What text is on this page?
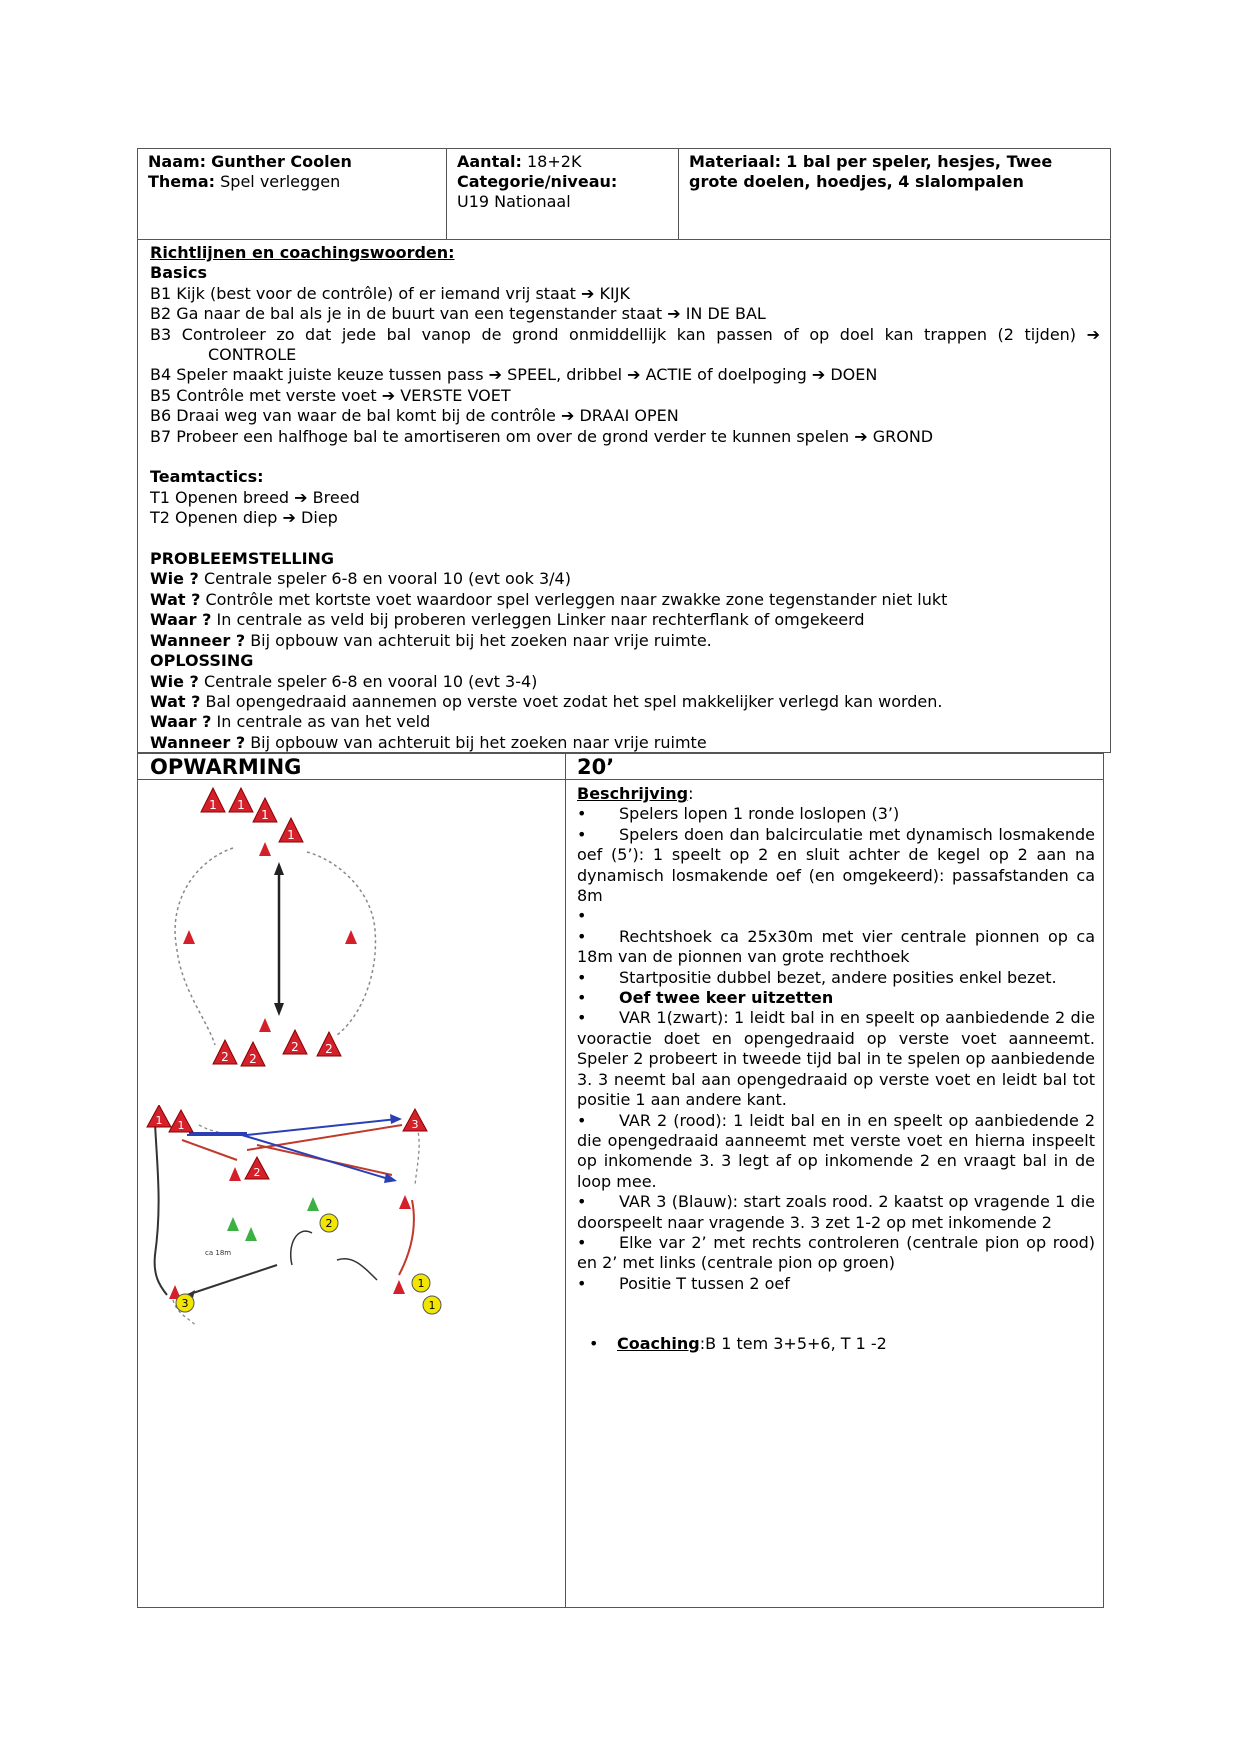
Naam: Gunther Coolen
Thema: Spel verleggen
Aantal: 18+2K
Categorie/niveau:
U19 Nationaal
Materiaal: 1 bal per speler, hesjes, Twee grote doelen, hoedjes, 4 slalompalen

Richtlijnen en coachingswoorden:

Basics

B1 Kijk (best voor de contrôle) of er iemand vrij staat ➔ KIJK

B2 Ga naar de bal als je in de buurt van een tegenstander staat ➔ IN DE BAL

B3 Controleer zo dat jede bal vanop de grond onmiddellijk kan passen of op doel kan trappen (2 tijden) ➔

CONTROLE

B4 Speler maakt juiste keuze tussen pass ➔ SPEEL, dribbel ➔ ACTIE of doelpoging ➔ DOEN

B5 Contrôle met verste voet ➔ VERSTE VOET

B6 Draai weg van waar de bal komt bij de contrôle ➔ DRAAI OPEN

B7 Probeer een halfhoge bal te amortiseren om over de grond verder te kunnen spelen ➔ GROND

Teamtactics:

T1 Openen breed ➔ Breed

T2 Openen diep ➔ Diep

PROBLEEMSTELLING

Wie ? Centrale speler 6-8 en vooral 10 (evt ook 3/4)

Wat ? Contrôle met kortste voet waardoor spel verleggen naar zwakke zone tegenstander niet lukt

Waar ? In centrale as veld bij proberen verleggen Linker naar rechterflank of omgekeerd

Wanneer ? Bij opbouw van achteruit bij het zoeken naar vrije ruimte.

OPLOSSING

Wie ? Centrale speler 6-8 en vooral 10 (evt 3-4)

Wat ? Bal opengedraaid aannemen op verste voet zodat het spel makkelijker verlegd kan worden.

Waar ? In centrale as van het veld

Wanneer ? Bij opbouw van achteruit bij het zoeken naar vrije ruimte

OPWARMING	20’

Beschrijving:

•	Spelers lopen 1 ronde loslopen (3’)
•	Spelers doen dan balcirculatie met dynamisch losmakende oef (5’): 1 speelt op 2 en sluit achter de kegel op 2 aan na dynamisch losmakende oef (en omgekeerd): passafstanden ca 8m
•
• Rechtshoek ca 25x30m met vier centrale pionnen op ca 18m van de pionnen van grote rechthoek
•	Startpositie dubbel bezet, andere posities enkel bezet.
•	Oef twee keer uitzetten
• VAR 1(zwart): 1 leidt bal in en speelt op aanbiedende 2 die vooractie doet en opengedraaid op verste voet aanneemt. Speler 2 probeert in tweede tijd bal in te spelen op aanbiedende 3. 3 neemt bal aan opengedraaid op verste voet en leidt bal tot positie 1 aan andere kant.
• VAR 2 (rood): 1 leidt bal en in en speelt op aanbiedende 2 die opengedraaid aanneemt met verste voet en hierna inspeelt op inkomende 3. 3 legt af op inkomende 2 en vraagt bal in de loop mee.
• VAR 3 (Blauw): start zoals rood. 2 kaatst op vragende 1 die doorspeelt naar vragende 3. 3 zet 1-2 op met inkomende 2
• Elke var 2’ met rechts controleren (centrale pion op rood) en 2’ met links (centrale pion op groen)
•	Positie T tussen 2 oef
•	Coaching:B 1 tem 3+5+6, T 1 -2
1 1
1
1
2 2
2 2
1 1
2
3
2
1
1
3
ca 18m
